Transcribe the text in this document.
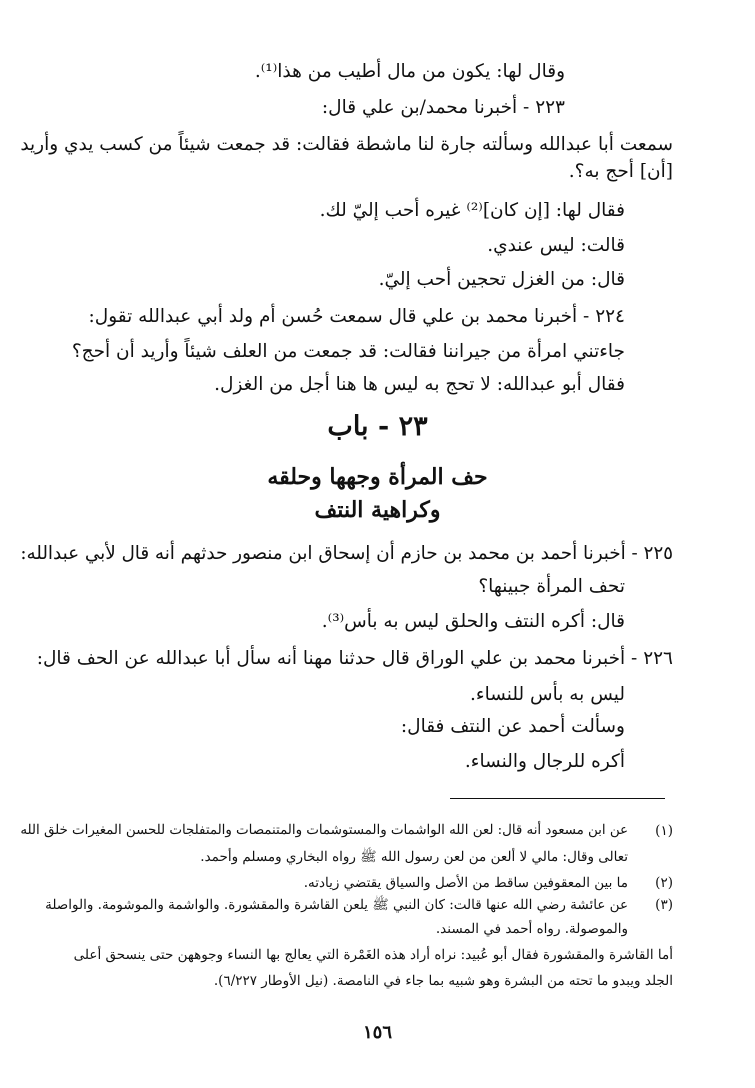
وقال لها: يكون من مال أطيب من هذا⁽¹⁾.
٢٢٣ - أخبرنا محمد/بن علي قال:
سمعت أبا عبدالله وسألته جارة لنا ماشطة فقالت: قد جمعت شيئاً من كسب يدي وأريد
[أن] أحج به؟.
فقال لها: [إن كان]⁽²⁾ غيره أحب إليّ لك.
قالت: ليس عندي.
قال: من الغزل تحجين أحب إليّ.
٢٢٤ - أخبرنا محمد بن علي قال سمعت حُسن أم ولد أبي عبدالله تقول:
جاءتني امرأة من جيراننا فقالت: قد جمعت من العلف شيئاً وأريد أن أحج؟
فقال أبو عبدالله: لا تحج به ليس ها هنا أجل من الغزل.
٢٣ - باب
حف المرأة وجهها وحلقه
وكراهية النتف
٢٢٥ - أخبرنا أحمد بن محمد بن حازم أن إسحاق ابن منصور حدثهم أنه قال لأبي عبدالله:
تحف المرأة جبينها؟
قال: أكره النتف والحلق ليس به بأس⁽³⁾.
٢٢٦ - أخبرنا محمد بن علي الوراق قال حدثنا مهنا أنه سأل أبا عبدالله عن الحف قال:
ليس به بأس للنساء.
وسألت أحمد عن النتف فقال:
أكره للرجال والنساء.
(١)
عن ابن مسعود أنه قال: لعن الله الواشمات والمستوشمات والمتنمصات والمتفلجات للحسن المغيرات خلق الله
تعالى وقال: مالي لا ألعن من لعن رسول الله ﷺ رواه البخاري ومسلم وأحمد.
(٢)
ما بين المعقوفين ساقط من الأصل والسياق يقتضي زيادته.
(٣)
عن عائشة رضي الله عنها قالت: كان النبي ﷺ يلعن القاشرة والمقشورة. والواشمة والموشومة. والواصلة
والموصولة. رواه أحمد في المسند.
أما القاشرة والمقشورة فقال أبو عُبيد: نراه أراد هذه الغَمْرة التي يعالج بها النساء وجوههن حتى ينسحق أعلى
الجلد ويبدو ما تحته من البشرة وهو شبيه بما جاء في النامصة. (نيل الأوطار ٦/٢٢٧).
١٥٦
